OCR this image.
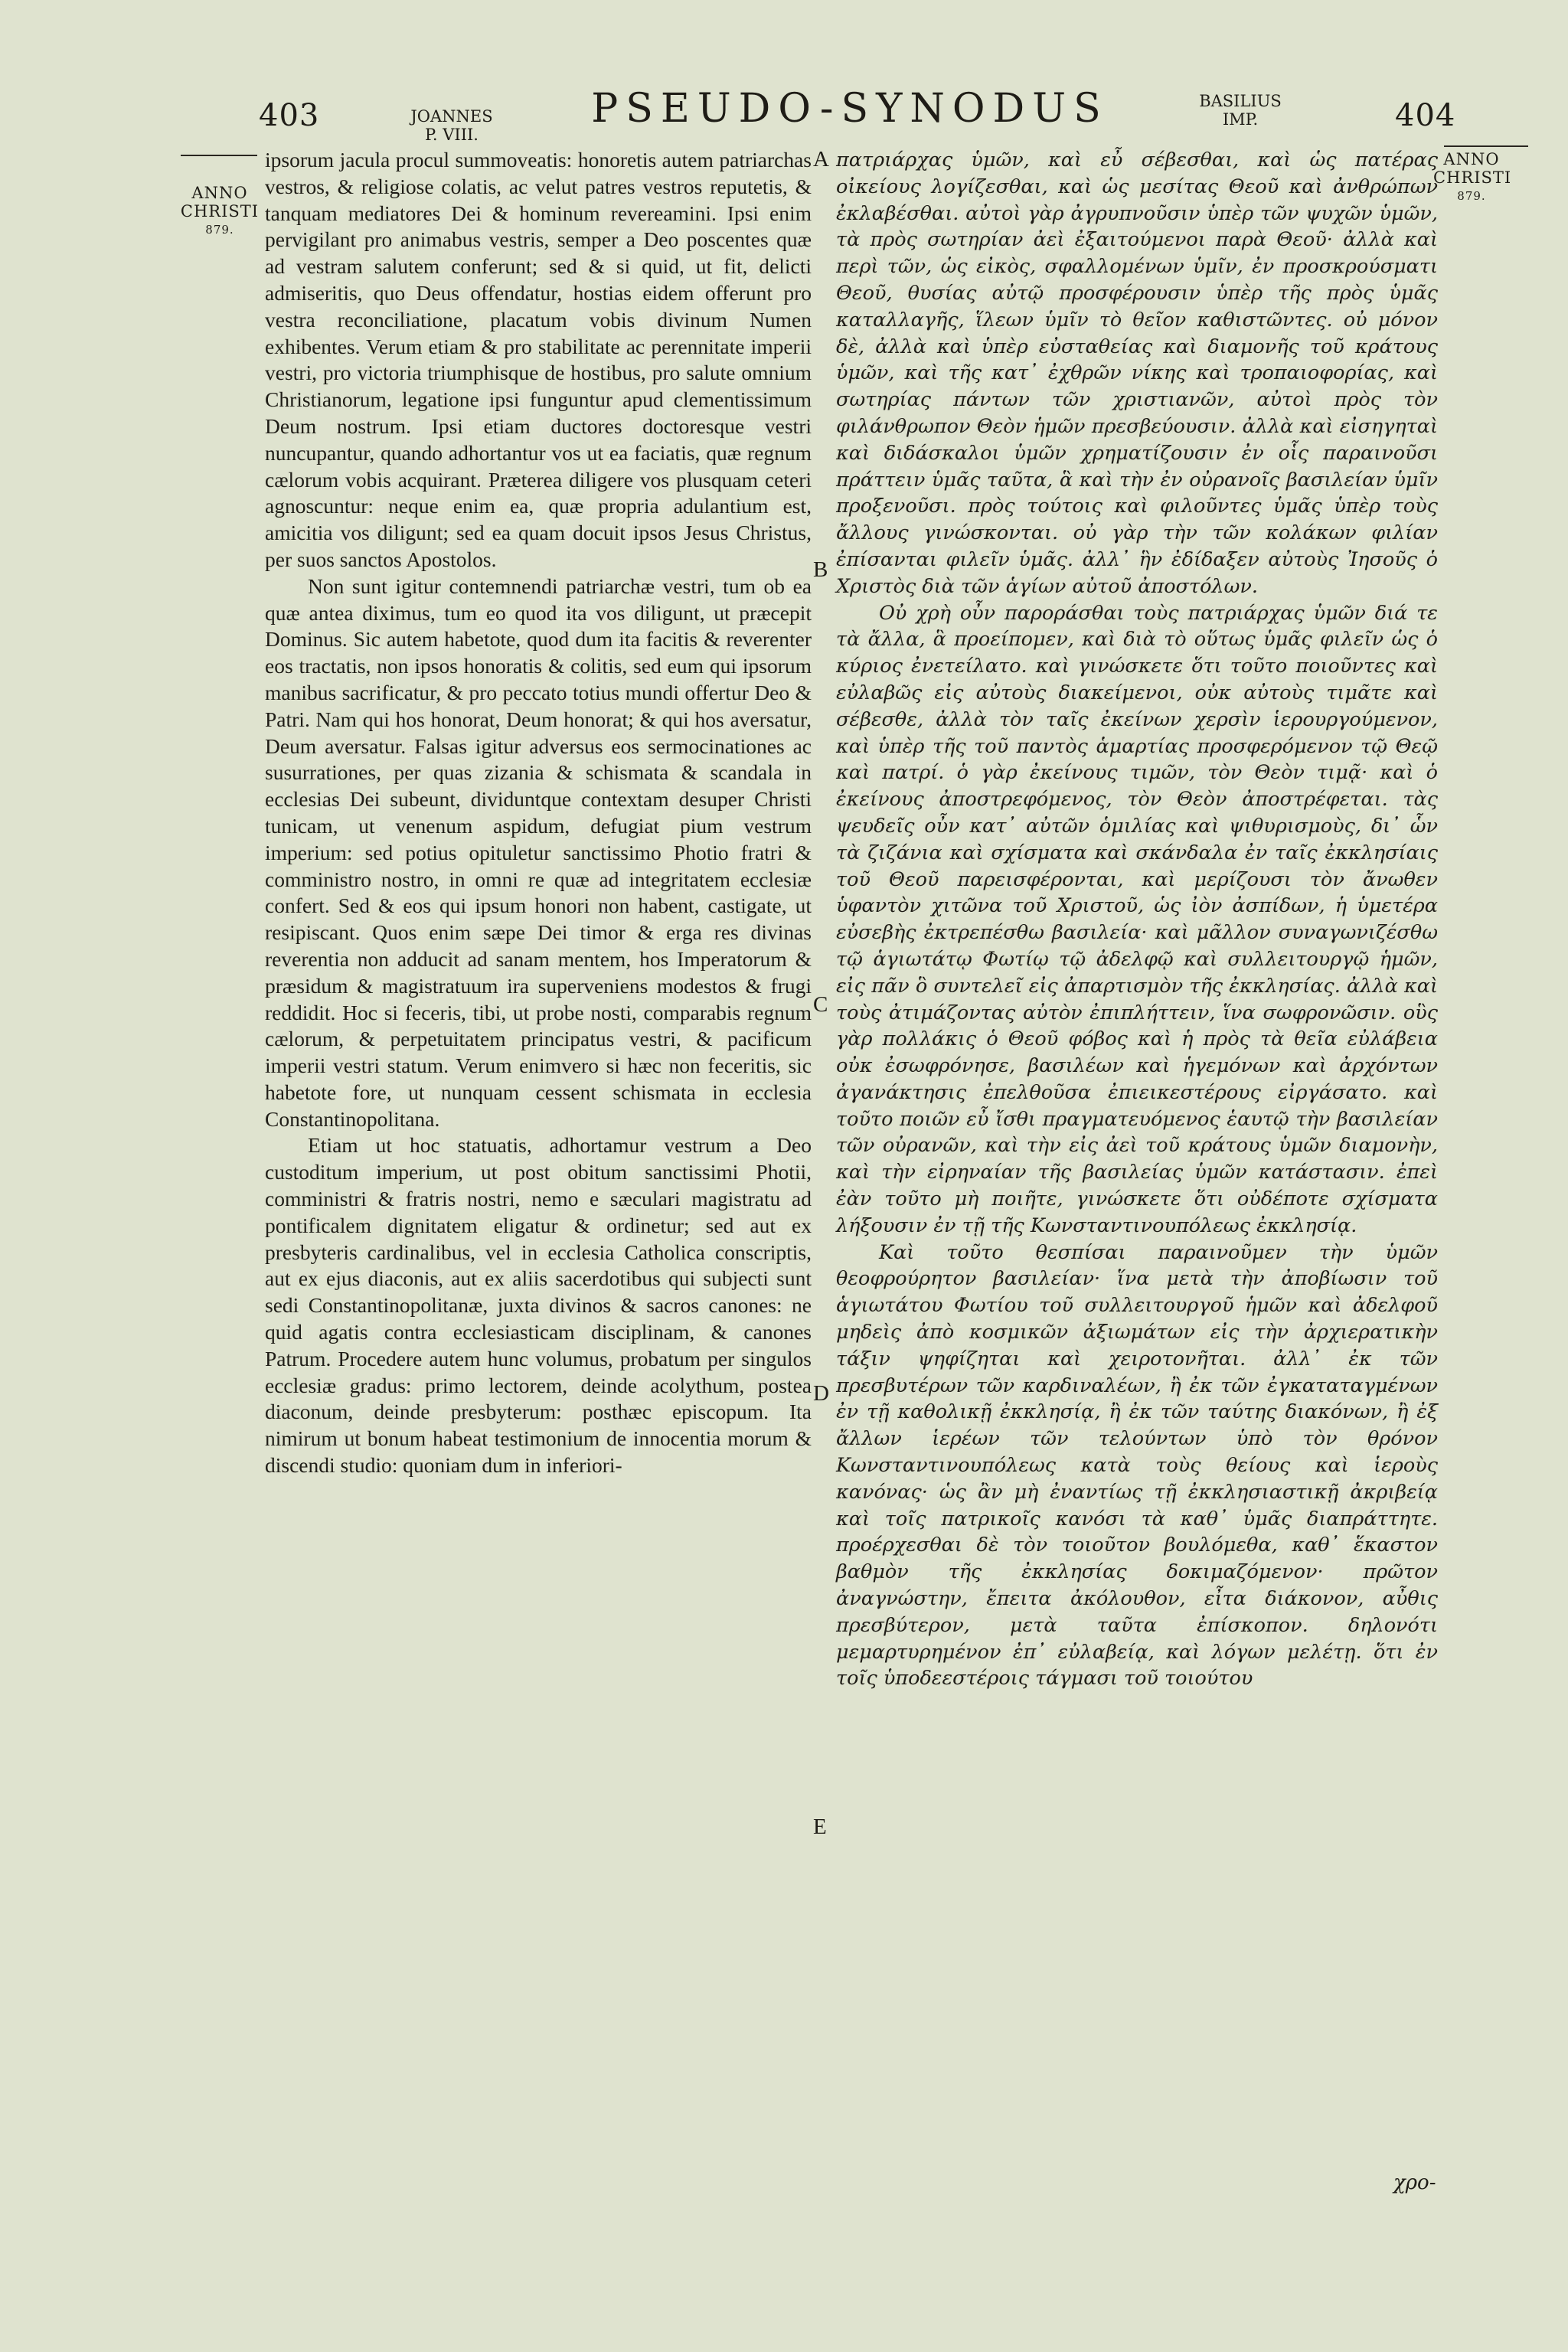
403	JOANNES
P. VIII.
PSEUDO-SYNODUS	BASILIUS
IMP.	404
ANNO
CHRISTI
879.
ANNO
CHRISTI
879.

ipsorum jacula procul summoveatis: honoretis autem patriarchas vestros, & religiose colatis, ac velut patres vestros reputetis, & tanquam mediatores Dei & hominum revereamini. Ipsi enim pervigilant pro animabus vestris, semper a Deo poscentes quæ ad vestram salutem conferunt; sed & si quid, ut fit, delicti admiseritis, quo Deus offendatur, hostias eidem offerunt pro vestra reconciliatione, placatum vobis divinum Numen exhibentes. Verum etiam & pro stabilitate ac perennitate imperii vestri, pro victoria triumphisque de hostibus, pro salute omnium Christianorum, legatione ipsi funguntur apud clementissimum Deum nostrum. Ipsi etiam ductores doctoresque vestri nuncupantur, quando adhortantur vos ut ea faciatis, quæ regnum cælorum vobis acquirant. Præterea diligere vos plusquam ceteri agnoscuntur: neque enim ea, quæ propria adulantium est, amicitia vos diligunt; sed ea quam docuit ipsos Jesus Christus, per suos sanctos Apostolos.

Non sunt igitur contemnendi patriarchæ vestri, tum ob ea quæ antea diximus, tum eo quod ita vos diligunt, ut præcepit Dominus. Sic autem habetote, quod dum ita facitis & reverenter eos tractatis, non ipsos honoratis & colitis, sed eum qui ipsorum manibus sacrificatur, & pro peccato totius mundi offertur Deo & Patri. Nam qui hos honorat, Deum honorat; & qui hos aversatur, Deum aversatur. Falsas igitur adversus eos sermocinationes ac susurrationes, per quas zizania & schismata & scandala in ecclesias Dei subeunt, dividuntque contextam desuper Christi tunicam, ut venenum aspidum, defugiat pium vestrum imperium: sed potius opituletur sanctissimo Photio fratri & comministro nostro, in omni re quæ ad integritatem ecclesiæ confert. Sed & eos qui ipsum honori non habent, castigate, ut resipiscant. Quos enim sæpe Dei timor & erga res divinas reverentia non adducit ad sanam mentem, hos Imperatorum & præsidum & magistratuum ira superveniens modestos & frugi reddidit. Hoc si feceris, tibi, ut probe nosti, comparabis regnum cælorum, & perpetuitatem principatus vestri, & pacificum imperii vestri statum. Verum enimvero si hæc non feceritis, sic habetote fore, ut nunquam cessent schismata in ecclesia Constantinopolitana.

Etiam ut hoc statuatis, adhortamur vestrum a Deo custoditum imperium, ut post obitum sanctissimi Photii, comministri & fratris nostri, nemo e sæculari magistratu ad pontificalem dignitatem eligatur & ordinetur; sed aut ex presbyteris cardinalibus, vel in ecclesia Catholica conscriptis, aut ex ejus diaconis, aut ex aliis sacerdotibus qui subjecti sunt sedi Constantinopolitanæ, juxta divinos & sacros canones: ne quid agatis contra ecclesiasticam disciplinam, & canones Patrum. Procedere autem hunc volumus, probatum per singulos ecclesiæ gradus: primo lectorem, deinde acolythum, postea diaconum, deinde presbyterum: posthæc episcopum. Ita nimirum ut bonum habeat testimonium de innocentia morum & discendi studio: quoniam dum in inferiori-

A
B
C
D
E

πατριάρχας ὑμῶν, καὶ εὖ σέβεσθαι, καὶ ὡς πατέρας οἰκείους λογίζεσθαι, καὶ ὡς μεσίτας Θεοῦ καὶ ἀνθρώπων ἐκλαβέσθαι. αὐτοὶ γὰρ ἀγρυπνοῦσιν ὑπὲρ τῶν ψυχῶν ὑμῶν, τὰ πρὸς σωτηρίαν ἀεὶ ἐξαιτούμενοι παρὰ Θεοῦ· ἀλλὰ καὶ περὶ τῶν, ὡς εἰκὸς, σφαλλομένων ὑμῖν, ἐν προσκρούσματι Θεοῦ, θυσίας αὐτῷ προσφέρουσιν ὑπὲρ τῆς πρὸς ὑμᾶς καταλλαγῆς, ἵλεων ὑμῖν τὸ θεῖον καθιστῶντες. οὐ μόνον δὲ, ἀλλὰ καὶ ὑπὲρ εὐσταθείας καὶ διαμονῆς τοῦ κράτους ὑμῶν, καὶ τῆς κατ᾽ ἐχθρῶν νίκης καὶ τροπαιοφορίας, καὶ σωτηρίας πάντων τῶν χριστιανῶν, αὐτοὶ πρὸς τὸν φιλάνθρωπον Θεὸν ἡμῶν πρεσβεύουσιν. ἀλλὰ καὶ εἰσηγηταὶ καὶ διδάσκαλοι ὑμῶν χρηματίζουσιν ἐν οἷς παραινοῦσι πράττειν ὑμᾶς ταῦτα, ἃ καὶ τὴν ἐν οὐρανοῖς βασιλείαν ὑμῖν προξενοῦσι. πρὸς τούτοις καὶ φιλοῦντες ὑμᾶς ὑπὲρ τοὺς ἄλλους γινώσκονται. οὐ γὰρ τὴν τῶν κολάκων φιλίαν ἐπίσανται φιλεῖν ὑμᾶς. ἀλλ᾽ ἣν ἐδίδαξεν αὐτοὺς Ἰησοῦς ὁ Χριστὸς διὰ τῶν ἁγίων αὐτοῦ ἀποστόλων.

Οὐ χρὴ οὖν παροράσθαι τοὺς πατριάρχας ὑμῶν διά τε τὰ ἄλλα, ἃ προείπομεν, καὶ διὰ τὸ οὕτως ὑμᾶς φιλεῖν ὡς ὁ κύριος ἐνετείλατο. καὶ γινώσκετε ὅτι τοῦτο ποιοῦντες καὶ εὐλαβῶς εἰς αὐτοὺς διακείμενοι, οὐκ αὐτοὺς τιμᾶτε καὶ σέβεσθε, ἀλλὰ τὸν ταῖς ἐκείνων χερσὶν ἱερουργούμενον, καὶ ὑπὲρ τῆς τοῦ παντὸς ἁμαρτίας προσφερόμενον τῷ Θεῷ καὶ πατρί. ὁ γὰρ ἐκείνους τιμῶν, τὸν Θεὸν τιμᾷ· καὶ ὁ ἐκείνους ἀποστρεφόμενος, τὸν Θεὸν ἀποστρέφεται. τὰς ψευδεῖς οὖν κατ᾽ αὐτῶν ὁμιλίας καὶ ψιθυρισμοὺς, δι᾽ ὧν τὰ ζιζάνια καὶ σχίσματα καὶ σκάνδαλα ἐν ταῖς ἐκκλησίαις τοῦ Θεοῦ παρεισφέρονται, καὶ μερίζουσι τὸν ἄνωθεν ὑφαντὸν χιτῶνα τοῦ Χριστοῦ, ὡς ἰὸν ἀσπίδων, ἡ ὑμετέρα εὐσεβὴς ἐκτρεπέσθω βασιλεία· καὶ μᾶλλον συναγωνιζέσθω τῷ ἁγιωτάτῳ Φωτίῳ τῷ ἀδελφῷ καὶ συλλειτουργῷ ἡμῶν, εἰς πᾶν ὃ συντελεῖ εἰς ἀπαρτισμὸν τῆς ἐκκλησίας. ἀλλὰ καὶ τοὺς ἀτιμάζοντας αὐτὸν ἐπιπλήττειν, ἵνα σωφρονῶσιν. οὓς γὰρ πολλάκις ὁ Θεοῦ φόβος καὶ ἡ πρὸς τὰ θεῖα εὐλάβεια οὐκ ἐσωφρόνησε, βασιλέων καὶ ἡγεμόνων καὶ ἀρχόντων ἀγανάκτησις ἐπελθοῦσα ἐπιεικεστέρους εἰργάσατο. καὶ τοῦτο ποιῶν εὖ ἴσθι πραγματευόμενος ἑαυτῷ τὴν βασιλείαν τῶν οὐρανῶν, καὶ τὴν εἰς ἀεὶ τοῦ κράτους ὑμῶν διαμονὴν, καὶ τὴν εἰρηναίαν τῆς βασιλείας ὑμῶν κατάστασιν. ἐπεὶ ἐὰν τοῦτο μὴ ποιῆτε, γινώσκετε ὅτι οὐδέποτε σχίσματα λήξουσιν ἐν τῇ τῆς Κωνσταντινουπόλεως ἐκκλησίᾳ.

Καὶ τοῦτο θεσπίσαι παραινοῦμεν τὴν ὑμῶν θεοφρούρητον βασιλείαν· ἵνα μετὰ τὴν ἀποβίωσιν τοῦ ἁγιωτάτου Φωτίου τοῦ συλλειτουργοῦ ἡμῶν καὶ ἀδελφοῦ μηδεὶς ἀπὸ κοσμικῶν ἀξιωμάτων εἰς τὴν ἀρχιερατικὴν τάξιν ψηφίζηται καὶ χειροτονῆται. ἀλλ᾽ ἐκ τῶν πρεσβυτέρων τῶν καρδιναλέων, ἢ ἐκ τῶν ἐγκαταταγμένων ἐν τῇ καθολικῇ ἐκκλησίᾳ, ἢ ἐκ τῶν ταύτης διακόνων, ἢ ἐξ ἄλλων ἱερέων τῶν τελούντων ὑπὸ τὸν θρόνον Κωνσταντινουπόλεως κατὰ τοὺς θείους καὶ ἱεροὺς κανόνας· ὡς ἂν μὴ ἐναντίως τῇ ἐκκλησιαστικῇ ἀκριβείᾳ καὶ τοῖς πατρικοῖς κανόσι τὰ καθ᾽ ὑμᾶς διαπράττητε. προέρχεσθαι δὲ τὸν τοιοῦτον βουλόμεθα, καθ᾽ ἕκαστον βαθμὸν τῆς ἐκκλησίας δοκιμαζόμενον· πρῶτον ἀναγνώστην, ἔπειτα ἀκόλουθον, εἶτα διάκονον, αὖθις πρεσβύτερον, μετὰ ταῦτα ἐπίσκοπον. δηλονότι μεμαρτυρημένον ἐπ᾽ εὐλαβείᾳ, καὶ λόγων μελέτῃ. ὅτι ἐν τοῖς ὑποδεεστέροις τάγμασι τοῦ τοιούτου

χρο-
